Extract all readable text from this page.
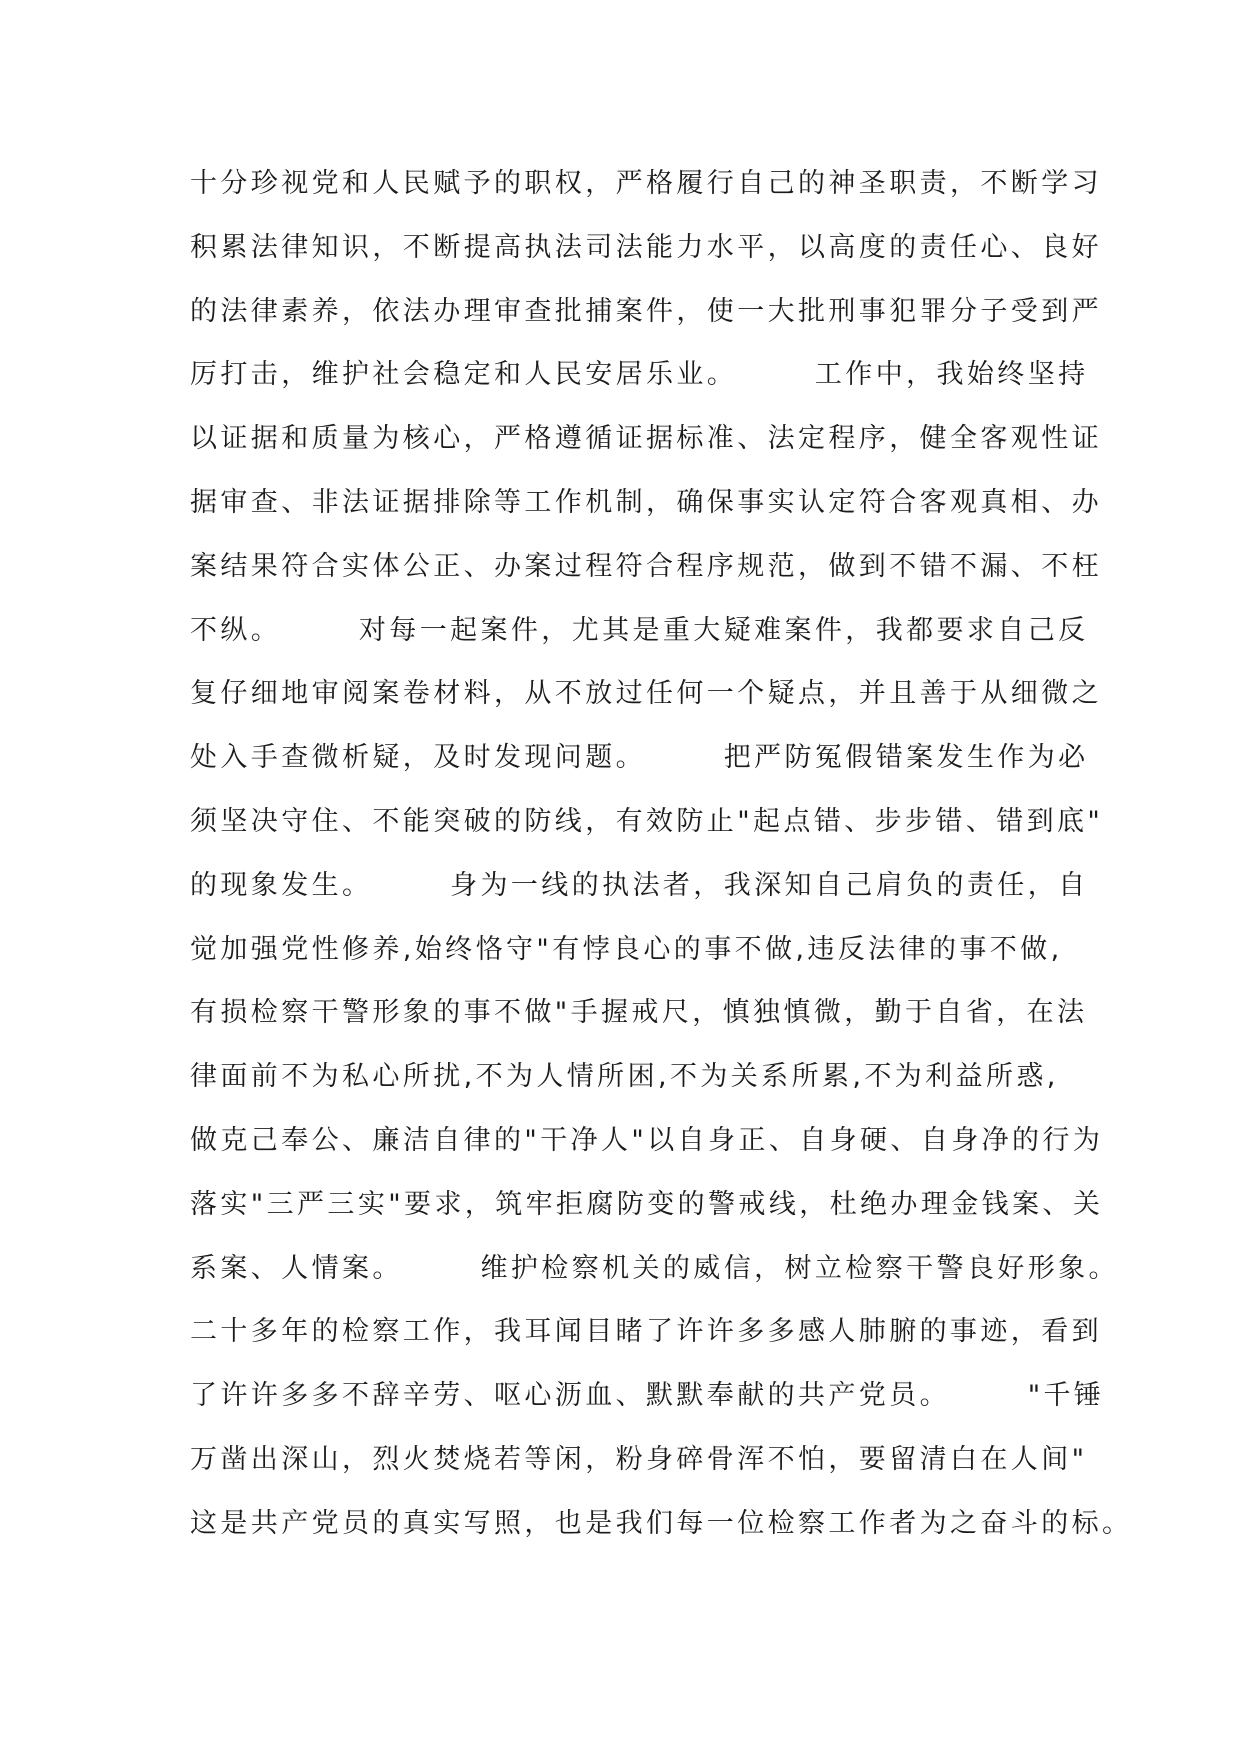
十分珍视党和人民赋予的职权，严格履行自己的神圣职责，不断学习
积累法律知识，不断提高执法司法能力水平，以高度的责任心、良好
的法律素养，依法办理审查批捕案件，使一大批刑事犯罪分子受到严
厉打击，维护社会稳定和人民安居乐业。　　　工作中，我始终坚持
以证据和质量为核心，严格遵循证据标准、法定程序，健全客观性证
据审查、非法证据排除等工作机制，确保事实认定符合客观真相、办
案结果符合实体公正、办案过程符合程序规范，做到不错不漏、不枉
不纵。　　　对每一起案件，尤其是重大疑难案件，我都要求自己反
复仔细地审阅案卷材料，从不放过任何一个疑点，并且善于从细微之
处入手查微析疑，及时发现问题。　　　把严防冤假错案发生作为必
须坚决守住、不能突破的防线，有效防止"起点错、步步错、错到底"
的现象发生。　　　身为一线的执法者，我深知自己肩负的责任，自
觉加强党性修养,始终恪守"有悖良心的事不做,违反法律的事不做,
有损检察干警形象的事不做"手握戒尺，慎独慎微，勤于自省，在法
律面前不为私心所扰,不为人情所困,不为关系所累,不为利益所惑,
做克己奉公、廉洁自律的"干净人"以自身正、自身硬、自身净的行为
落实"三严三实"要求，筑牢拒腐防变的警戒线，杜绝办理金钱案、关
系案、人情案。　　　维护检察机关的威信，树立检察干警良好形象。
二十多年的检察工作，我耳闻目睹了许许多多感人肺腑的事迹，看到
了许许多多不辞辛劳、呕心沥血、默默奉献的共产党员。　　　"千锤
万凿出深山，烈火焚烧若等闲，粉身碎骨浑不怕，要留清白在人间"
这是共产党员的真实写照，也是我们每一位检察工作者为之奋斗的标。
